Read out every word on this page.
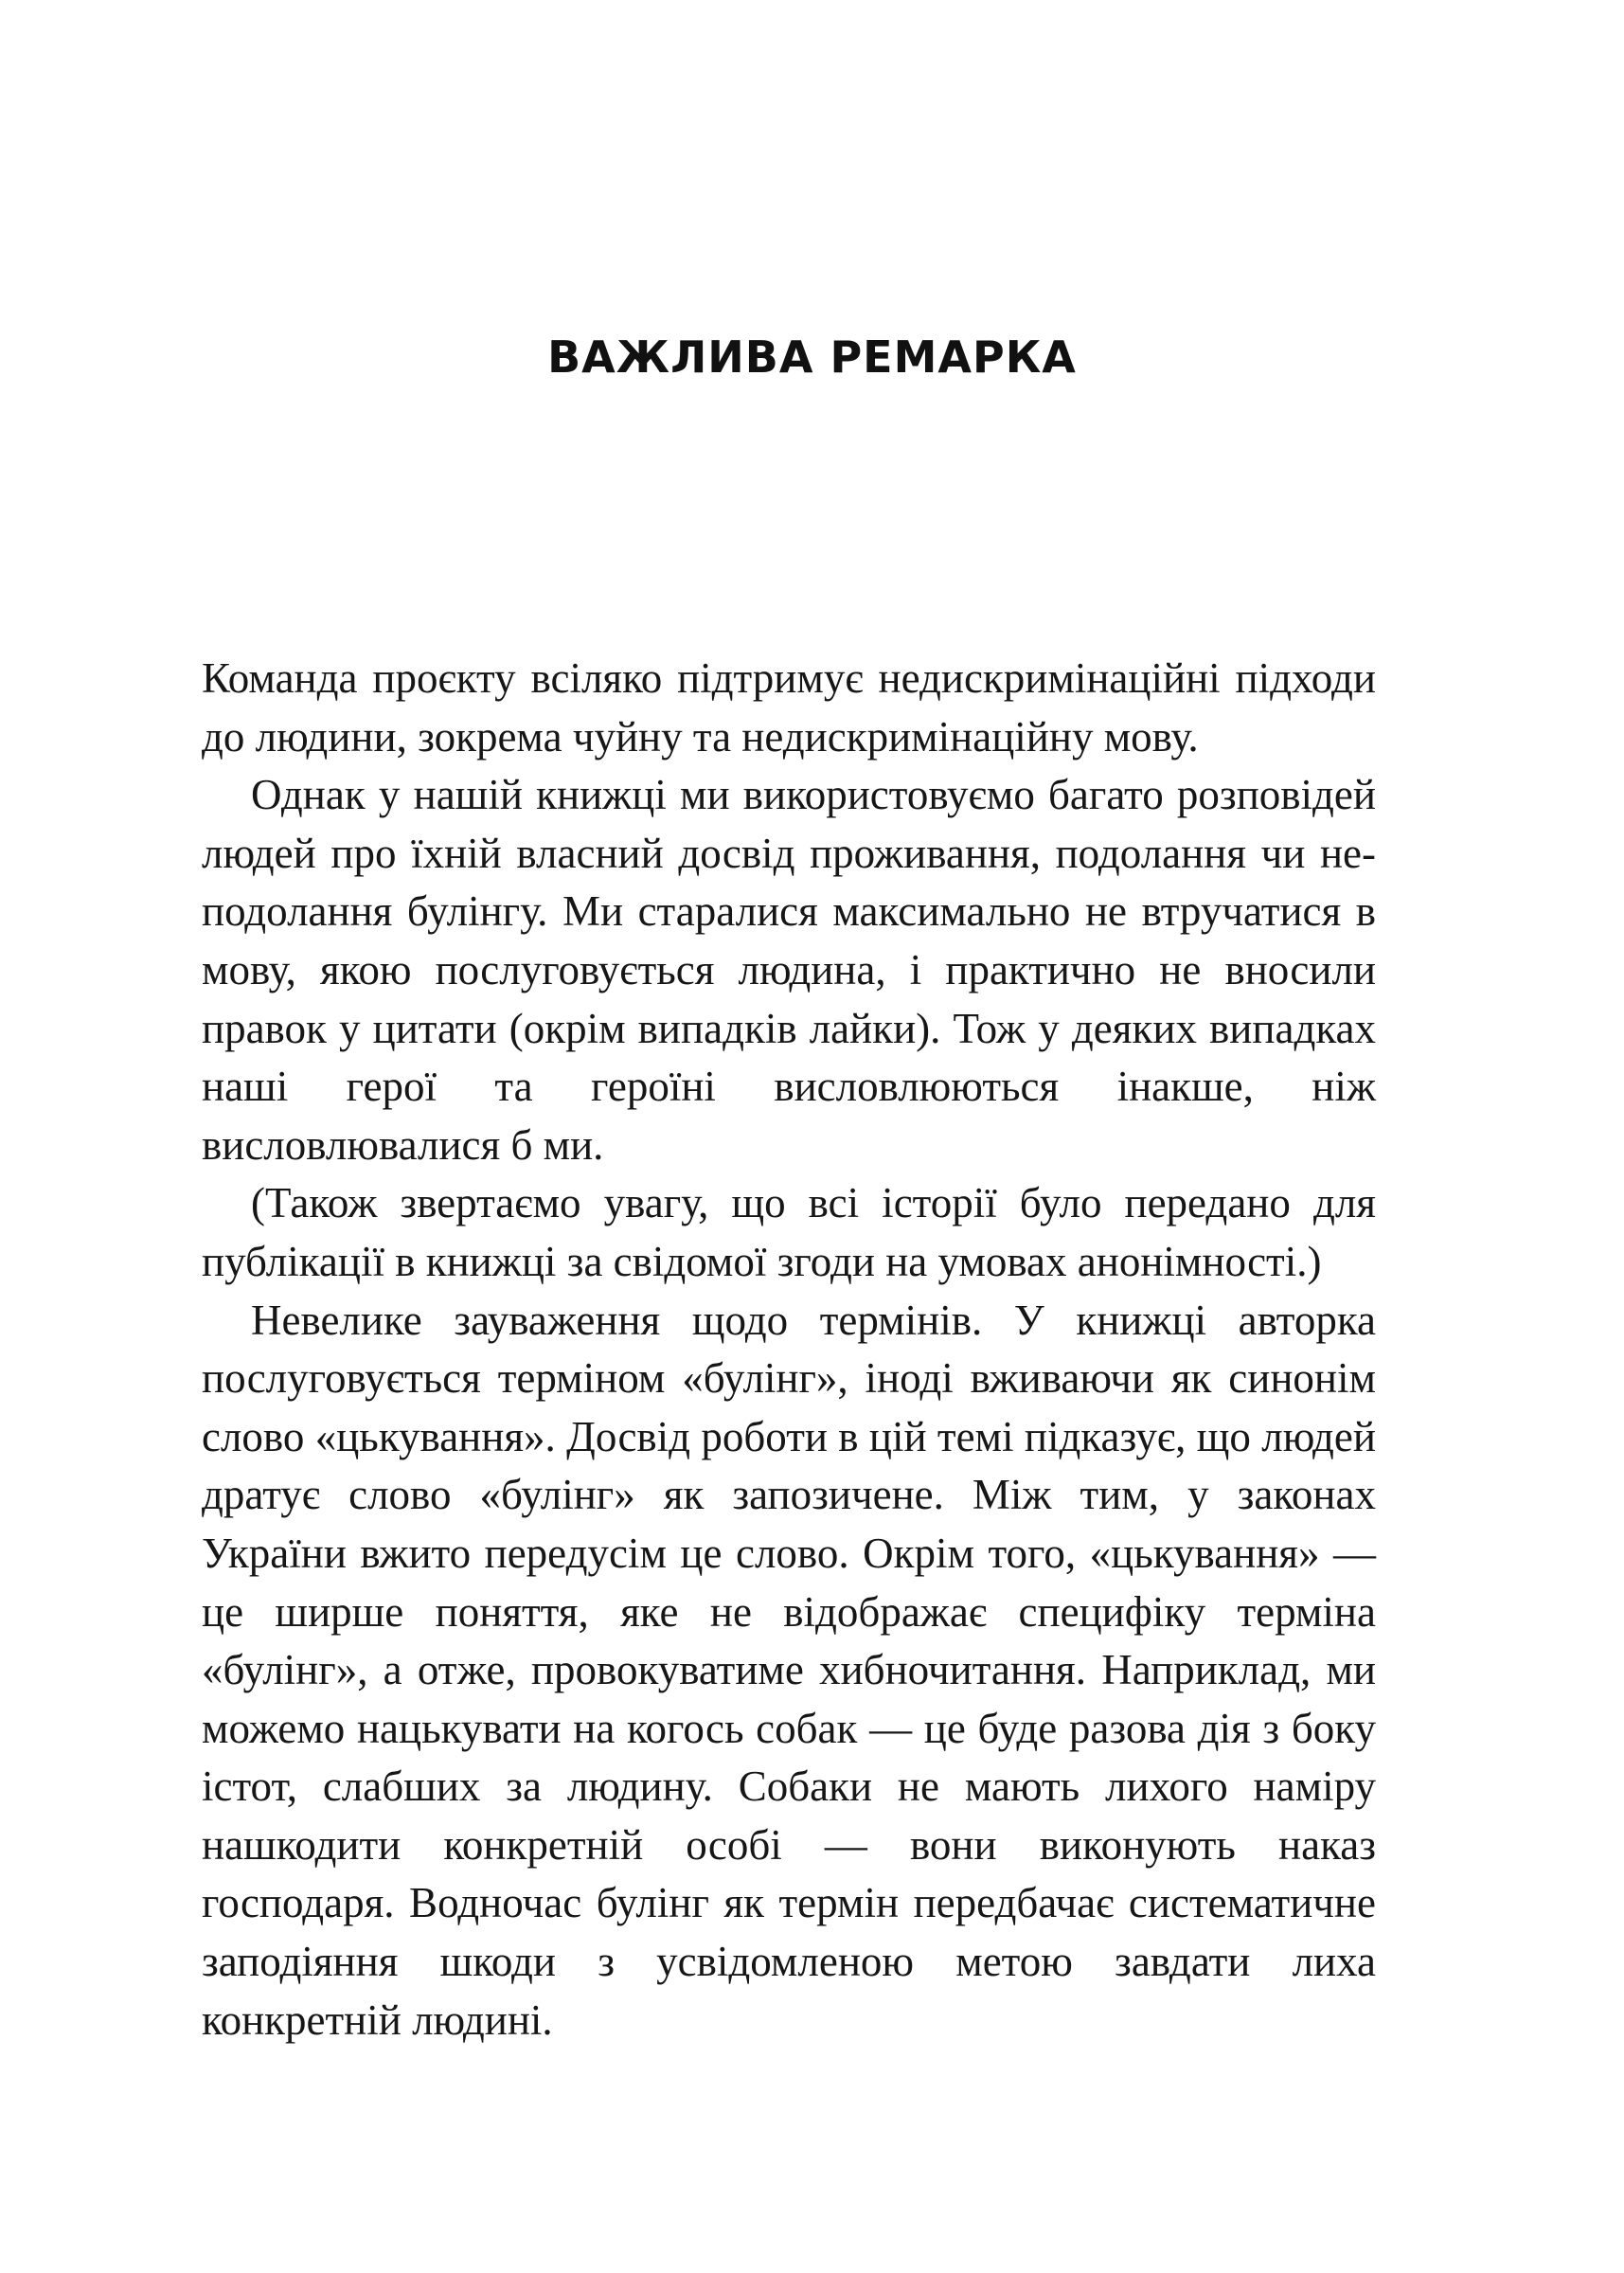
ВАЖЛИВА РЕМАРКА

Команда проєкту всіляко підтримує недискримінаційні підходи до людини, зокрема чуйну та недискримінаційну мову.

Однак у нашій книжці ми використовуємо багато розповідей людей про їхній власний досвід проживання, подолання чи не-подолання булінгу. Ми старалися максимально не втручатися в мову, якою послуговується людина, і практично не вносили правок у цитати (окрім випадків лайки). Тож у деяких випадках наші герої та героїні висловлюються інакше, ніж висловлювалися б ми.

(Також звертаємо увагу, що всі історії було передано для публікації в книжці за свідомої згоди на умовах анонімності.)

Невелике зауваження щодо термінів. У книжці авторка послуговується терміном «булінг», іноді вживаючи як синонім слово «цькування». Досвід роботи в цій темі підказує, що людей дратує слово «булінг» як запозичене. Між тим, у законах України вжито передусім це слово. Окрім того, «цькування» — це ширше поняття, яке не відображає специфіку терміна «булінг», а отже, провокуватиме хибночитання. Наприклад, ми можемо нацькувати на когось собак — це буде разова дія з боку істот, слабших за людину. Собаки не мають лихого наміру нашкодити конкретній особі — вони виконують наказ господаря. Водночас булінг як термін передбачає систематичне заподіяння шкоди з усвідомленою метою завдати лиха конкретній людині.
